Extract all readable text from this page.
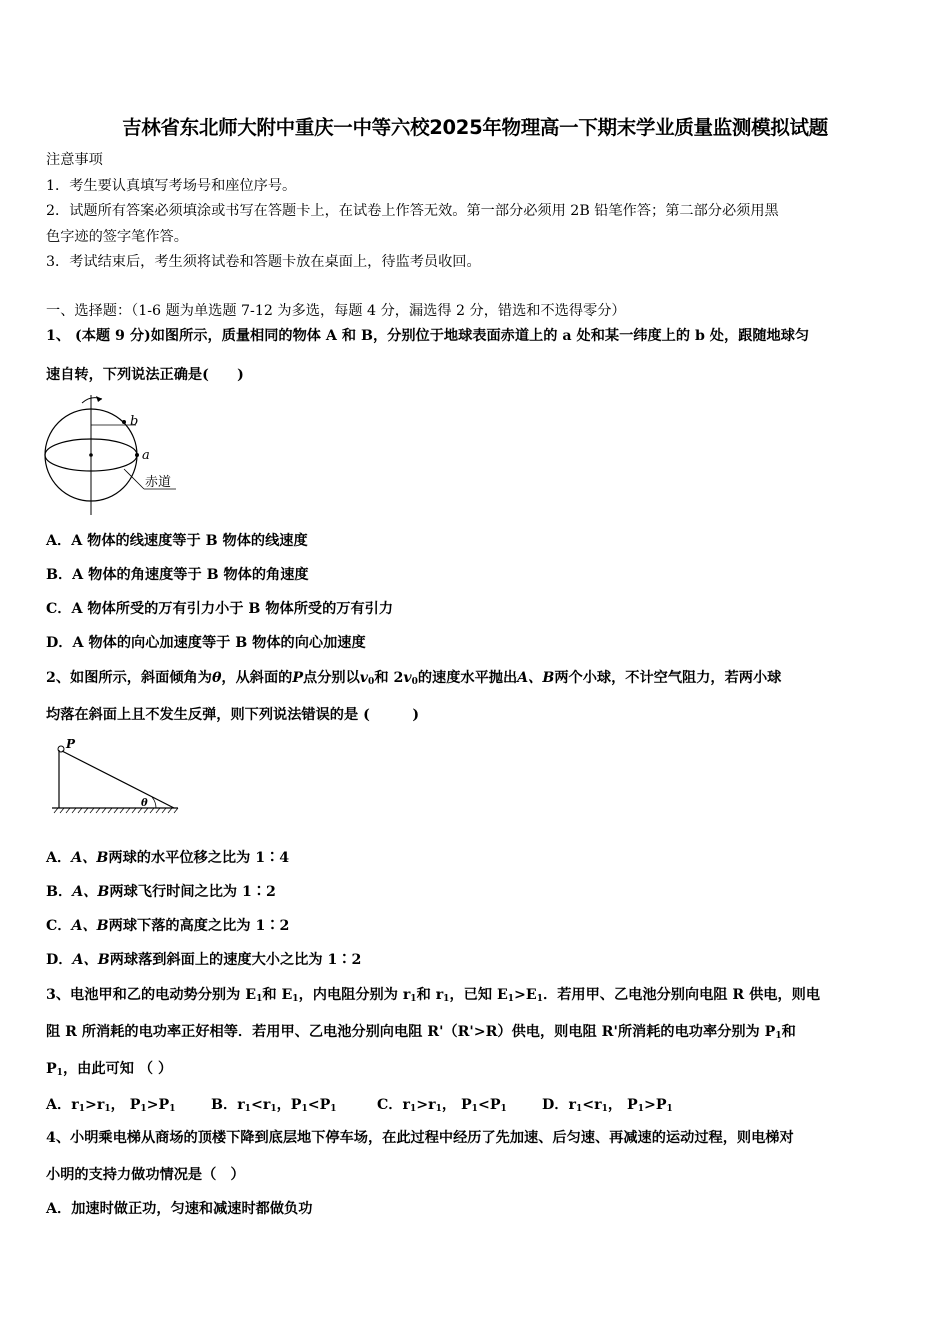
吉林省东北师大附中重庆一中等六校2025年物理高一下期末学业质量监测模拟试题
注意事项
1．考生要认真填写考场号和座位序号。
2．试题所有答案必须填涂或书写在答题卡上，在试卷上作答无效。第一部分必须用 2B 铅笔作答；第二部分必须用黑
色字迹的签字笔作答。
3．考试结束后，考生须将试卷和答题卡放在桌面上，待监考员收回。
一、选择题：（1-6 题为单选题 7-12 为多选，每题 4 分，漏选得 2 分，错选和不选得零分）
1、 (本题 9 分)如图所示，质量相同的物体 A 和 B，分别位于地球表面赤道上的 a 处和某一纬度上的 b 处，跟随地球匀
速自转，下列说法正确是(　　)
b
a
赤道
A．A 物体的线速度等于 B 物体的线速度
B．A 物体的角速度等于 B 物体的角速度
C．A 物体所受的万有引力小于 B 物体所受的万有引力
D．A 物体的向心加速度等于 B 物体的向心加速度
2、如图所示，斜面倾角为θ，从斜面的P点分别以$v_0$和 $2v_0$的速度水平抛出A、B两个小球，不计空气阻力，若两小球
均落在斜面上且不发生反弹，则下列说法错误的是 (　　　)
P
θ
A．A、B两球的水平位移之比为 1∶4
B．A、B两球飞行时间之比为 1∶2
C．A、B两球下落的高度之比为 1∶2
D．A、B两球落到斜面上的速度大小之比为 1∶2
3、电池甲和乙的电动势分别为 $E_1$和 $E_1$，内电阻分别为 $r_1$和 $r_1$，已知 $E_1>E_1$．若用甲、乙电池分别向电阻 R 供电，则电
阻 R 所消耗的电功率正好相等．若用甲、乙电池分别向电阻 R'（R'>R）供电，则电阻 R'所消耗的电功率分别为 $P_1$和
$P_1$，由此可知 （ ）
A．$r_1>r_1$， $P_1>P_1$	B．$r_1<r_1$，$P_1<P_1$	C．$r_1>r_1$， $P_1<P_1$ D．$r_1<r_1$， $P_1>P_1$
4、小明乘电梯从商场的顶楼下降到底层地下停车场，在此过程中经历了先加速、后匀速、再减速的运动过程，则电梯对
小明的支持力做功情况是（　）
A．加速时做正功，匀速和减速时都做负功
